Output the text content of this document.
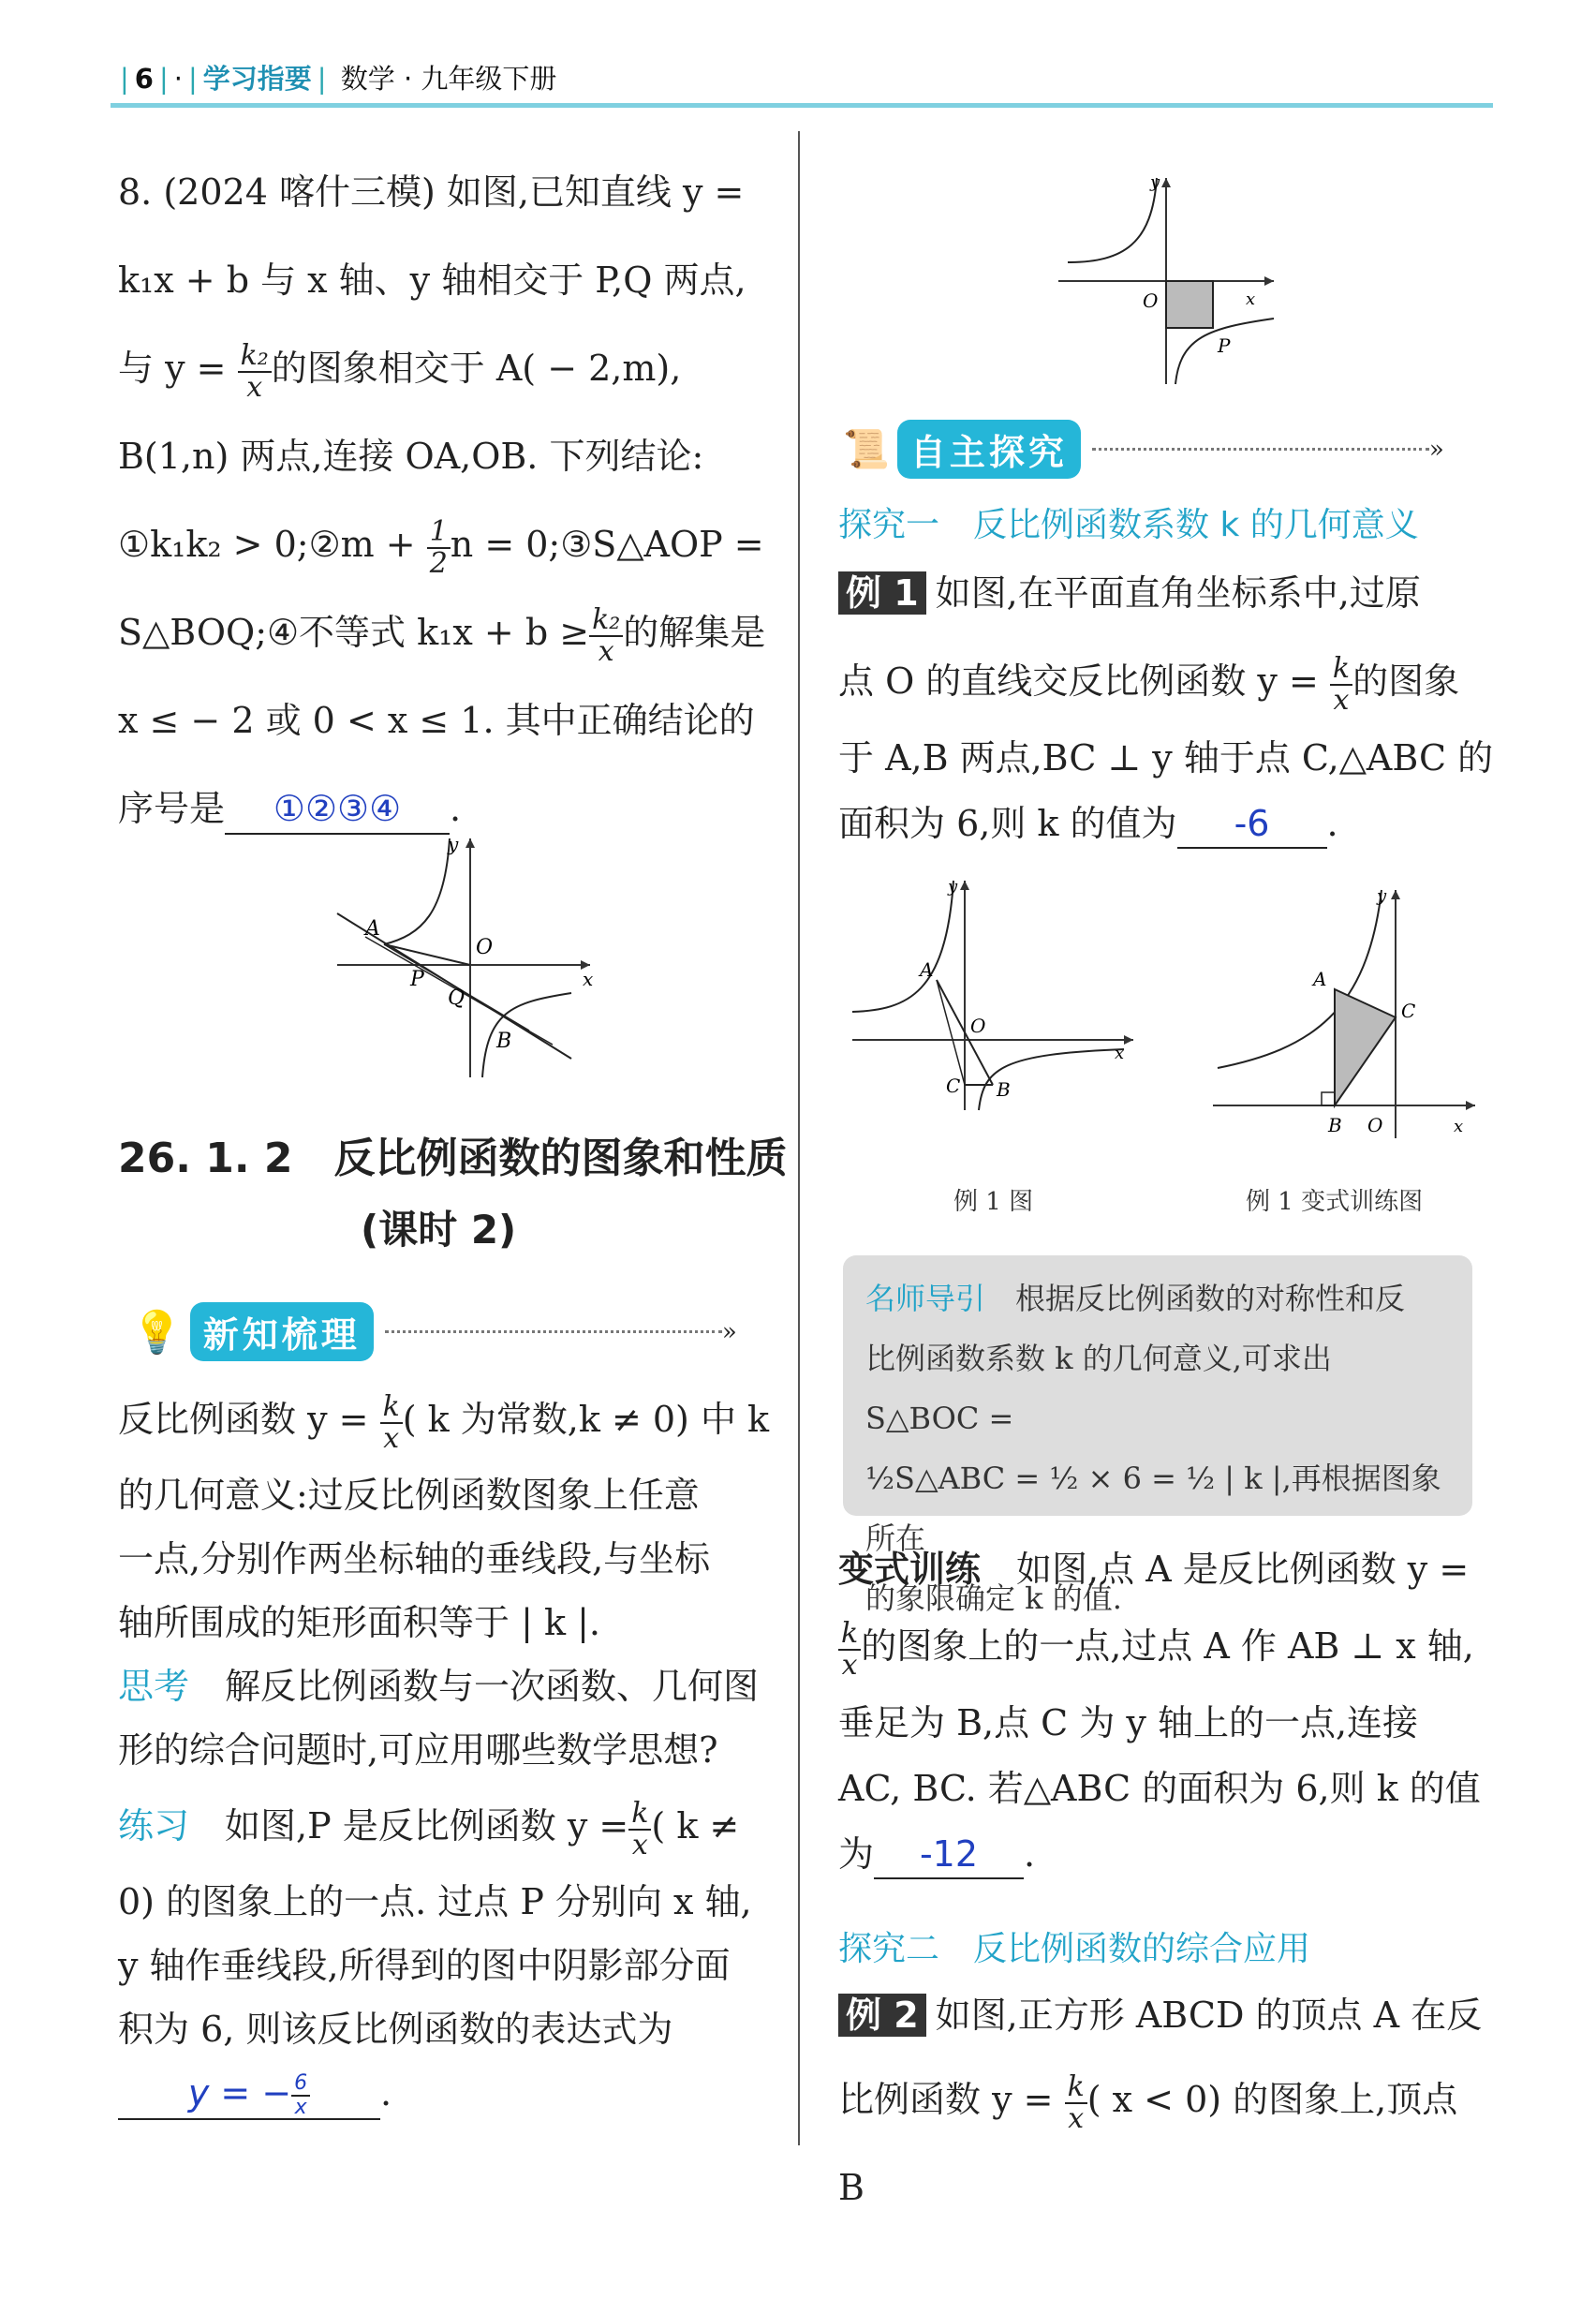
| 6 | · | 学习指要 | 数学 · 九年级下册
8. (2024 喀什三模) 如图,已知直线 y =
k₁x + b 与 x 轴、y 轴相交于 P,Q 两点,
与 $y = \frac{\text{k₂}}{x}$ 的图象相交于 A( − 2,m),
B(1,n) 两点,连接 OA,OB. 下列结论:
①k₁k₂ > 0;②m + $\frac{1}{2}$ n = 0;③S△AOP =
S△BOQ;④不等式 $k_1x + b \ge \frac{\text{k₂}}{x}$ 的解集是
x ≤ − 2 或 0 < x ≤ 1. 其中正确结论的
序号是 ①②③④ .
y
x
A
O
P
Q
B
26. 1. 2　反比例函数的图象和性质
(课时 2)
💡 新知梳理	»
反比例函数 $y = \frac{k}{x}$ ( k 为常数,k ≠ 0) 中 k
的几何意义:过反比例函数图象上任意
一点,分别作两坐标轴的垂线段,与坐标
轴所围成的矩形面积等于 | k |.
思考　 解反比例函数与一次函数、几何图
形的综合问题时,可应用哪些数学思想?
练习　 如图,P 是反比例函数 $y = \frac{k}{x}$ ( k ≠
0) 的图象上的一点. 过点 P 分别向 x 轴,
y 轴作垂线段,所得到的图中阴影部分面
积为 6, 则该反比例函数的表达式为
y = − $\frac{6}{x}$ .
y
x
O
P
📜 自主探究	»
探究一　反比例函数系数 k 的几何意义
例 1 如图,在平面直角坐标系中,过原
点 O 的直线交反比例函数 $y = \frac{k}{x}$ 的图象
于 A,B 两点,BC ⊥ y 轴于点 C,△ABC 的
面积为 6,则 k 的值为 -6 .
y
x
A
O
C B
例 1 图
y
x
A
B O
C
例 1 变式训练图
名师导引　 根据反比例函数的对称性和反
比例函数系数 k 的几何意义,可求出 S△BOC =
½S△ABC = ½ × 6 = ½ | k |,再根据图象所在
的象限确定 k 的值.
变式训练　 如图,点 A 是反比例函数 y =
$\frac{k}{x}$ 的图象上的一点,过点 A 作 AB ⊥ x 轴,
垂足为 B,点 C 为 y 轴上的一点,连接
AC, BC. 若△ABC 的面积为 6,则 k 的值
为 -12 .
探究二　反比例函数的综合应用
例 2 如图,正方形 ABCD 的顶点 A 在反
比例函数 $y = \frac{k}{x}$ ( x < 0) 的图象上,顶点 B
